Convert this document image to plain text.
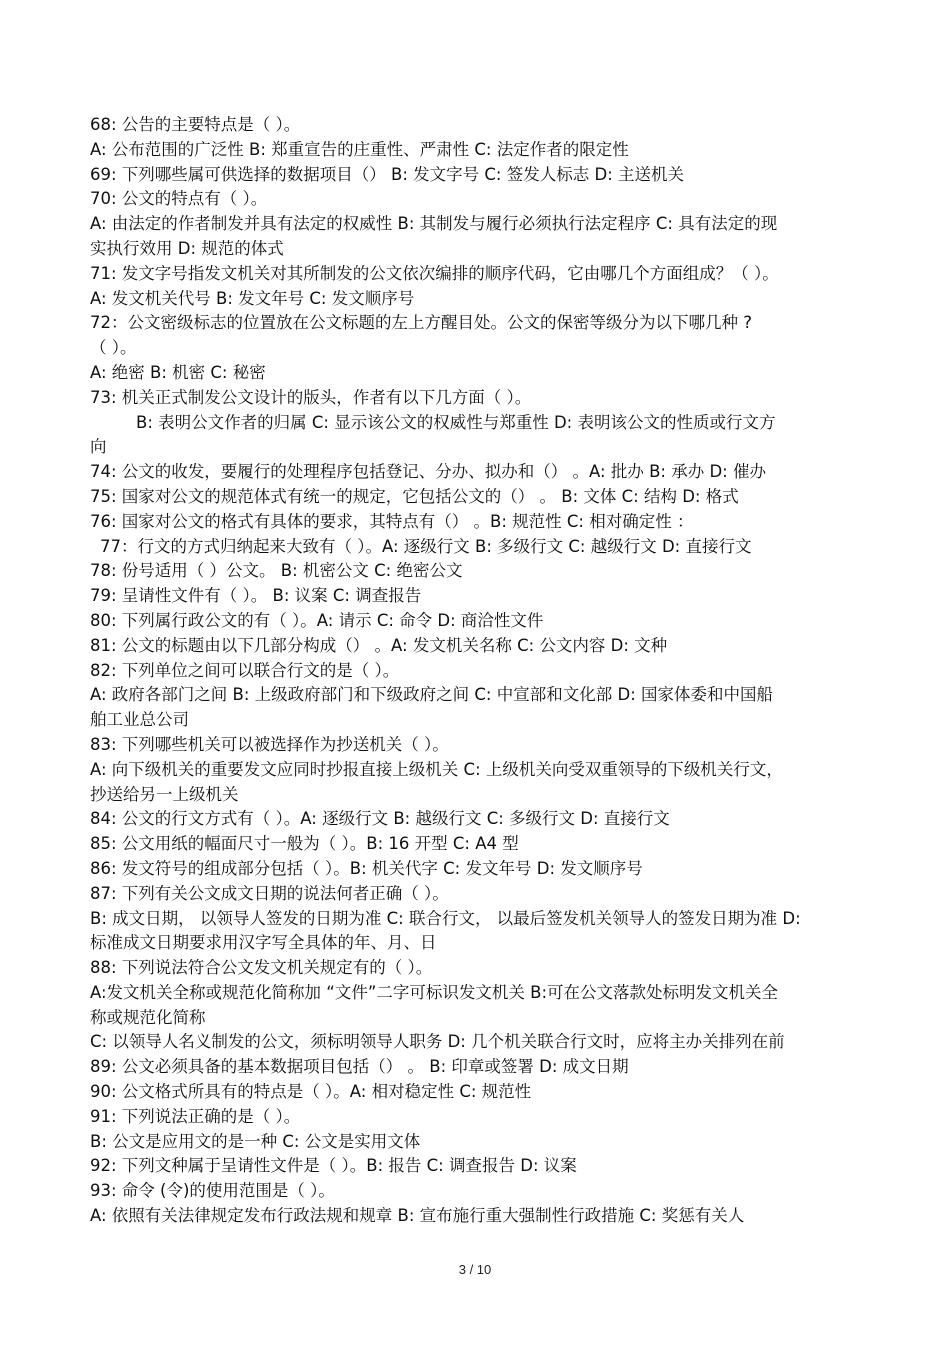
68: 公告的主要特点是（ ）。
A: 公布范围的广泛性 B: 郑重宣告的庄重性、严肃性 C: 法定作者的限定性
69: 下列哪些属可供选择的数据项目（） B: 发文字号 C: 签发人标志 D: 主送机关
70: 公文的特点有（ ）。
A: 由法定的作者制发并具有法定的权威性 B: 其制发与履行必须执行法定程序 C: 具有法定的现
实执行效用 D: 规范的体式
71: 发文字号指发文机关对其所制发的公文依次编排的顺序代码，它由哪几个方面组成？（ ）。
A: 发文机关代号 B: 发文年号 C: 发文顺序号
72：公文密级标志的位置放在公文标题的左上方醒目处。公文的保密等级分为以下哪几种 ?
（ ）。
A: 绝密 B: 机密 C: 秘密
73: 机关正式制发公文设计的版头，作者有以下几方面（ ）。
B: 表明公文作者的归属 C: 显示该公文的权威性与郑重性 D: 表明该公文的性质或行文方
向
74: 公文的收发，要履行的处理程序包括登记、分办、拟办和（） 。A: 批办 B: 承办 D: 催办
75: 国家对公文的规范体式有统一的规定，它包括公文的（） 。 B: 文体 C: 结构 D: 格式
76: 国家对公文的格式有具体的要求，其特点有（） 。B: 规范性 C: 相对确定性 ：
77：行文的方式归纳起来大致有（ ）。A: 逐级行文 B: 多级行文 C: 越级行文 D: 直接行文
78: 份号适用（ ）公文。 B: 机密公文 C: 绝密公文
79: 呈请性文件有（ ）。 B: 议案 C: 调查报告
80: 下列属行政公文的有（ ）。A: 请示 C: 命令 D: 商洽性文件
81: 公文的标题由以下几部分构成（） 。A: 发文机关名称 C: 公文内容 D: 文种
82: 下列单位之间可以联合行文的是（ ）。
A: 政府各部门之间 B: 上级政府部门和下级政府之间 C: 中宣部和文化部 D: 国家体委和中国船
舶工业总公司
83: 下列哪些机关可以被选择作为抄送机关（ ）。
A: 向下级机关的重要发文应同时抄报直接上级机关 C: 上级机关向受双重领导的下级机关行文，
抄送给另一上级机关
84: 公文的行文方式有（ ）。A: 逐级行文 B: 越级行文 C: 多级行文 D: 直接行文
85: 公文用纸的幅面尺寸一般为（ ）。B: 16 开型 C: A4 型
86: 发文符号的组成部分包括（ ）。B: 机关代字 C: 发文年号 D: 发文顺序号
87: 下列有关公文成文日期的说法何者正确（ ）。
B: 成文日期， 以领导人签发的日期为准 C: 联合行文， 以最后签发机关领导人的签发日期为准 D:
标准成文日期要求用汉字写全具体的年、月、日
88: 下列说法符合公文发文机关规定有的（ ）。
A:发文机关全称或规范化简称加 “文件”二字可标识发文机关 B:可在公文落款处标明发文机关全
称或规范化简称
C: 以领导人名义制发的公文，须标明领导人职务 D: 几个机关联合行文时，应将主办关排列在前
89: 公文必须具备的基本数据项目包括（） 。 B: 印章或签署 D: 成文日期
90: 公文格式所具有的特点是（ ）。A: 相对稳定性 C: 规范性
91: 下列说法正确的是（ ）。
B: 公文是应用文的是一种 C: 公文是实用文体
92: 下列文种属于呈请性文件是（ ）。B: 报告 C: 调查报告 D: 议案
93: 命令 (令)的使用范围是（ ）。
A: 依照有关法律规定发布行政法规和规章 B: 宣布施行重大强制性行政措施 C: 奖惩有关人
3 / 10
